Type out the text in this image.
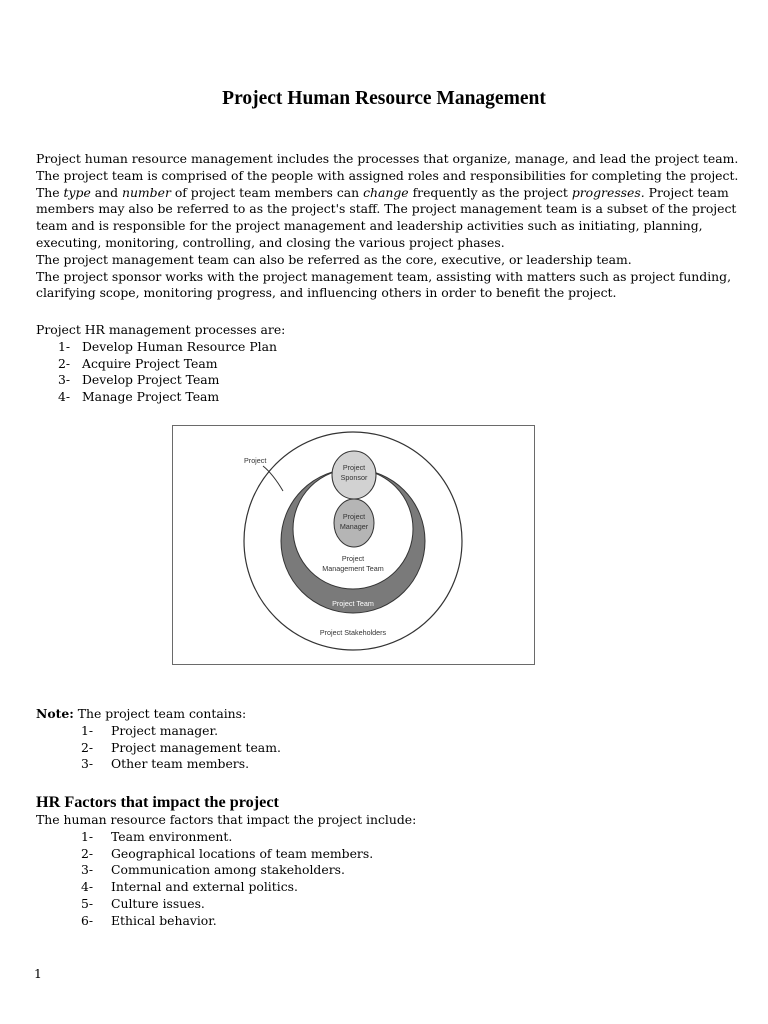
Project Human Resource Management

Project human resource management includes the processes that organize, manage, and lead the project team. The project team is comprised of the people with assigned roles and responsibilities for completing the project. The type and number of project team members can change frequently as the project progresses. Project team members may also be referred to as the project's staff. The project management team is a subset of the project team and is responsible for the project management and leadership activities such as initiating, planning, executing, monitoring, controlling, and closing the various project phases.

The project management team can also be referred as the core, executive, or leadership team.

The project sponsor works with the project management team, assisting with matters such as project funding, clarifying scope, monitoring progress, and influencing others in order to benefit the project.

Project HR management processes are:

1- Develop Human Resource Plan
2- Acquire Project Team
3- Develop Project Team
4- Manage Project Team
Project
Project
Sponsor
Project
Manager
Project
Management Team
Project Team
Project Stakeholders

Note: The project team contains:

1- Project manager.
2- Project management team.
3- Other team members.
HR Factors that impact the project

The human resource factors that impact the project include:

1- Team environment.
2- Geographical locations of team members.
3- Communication among stakeholders.
4- Internal and external politics.
5- Culture issues.
6- Ethical behavior.
1
